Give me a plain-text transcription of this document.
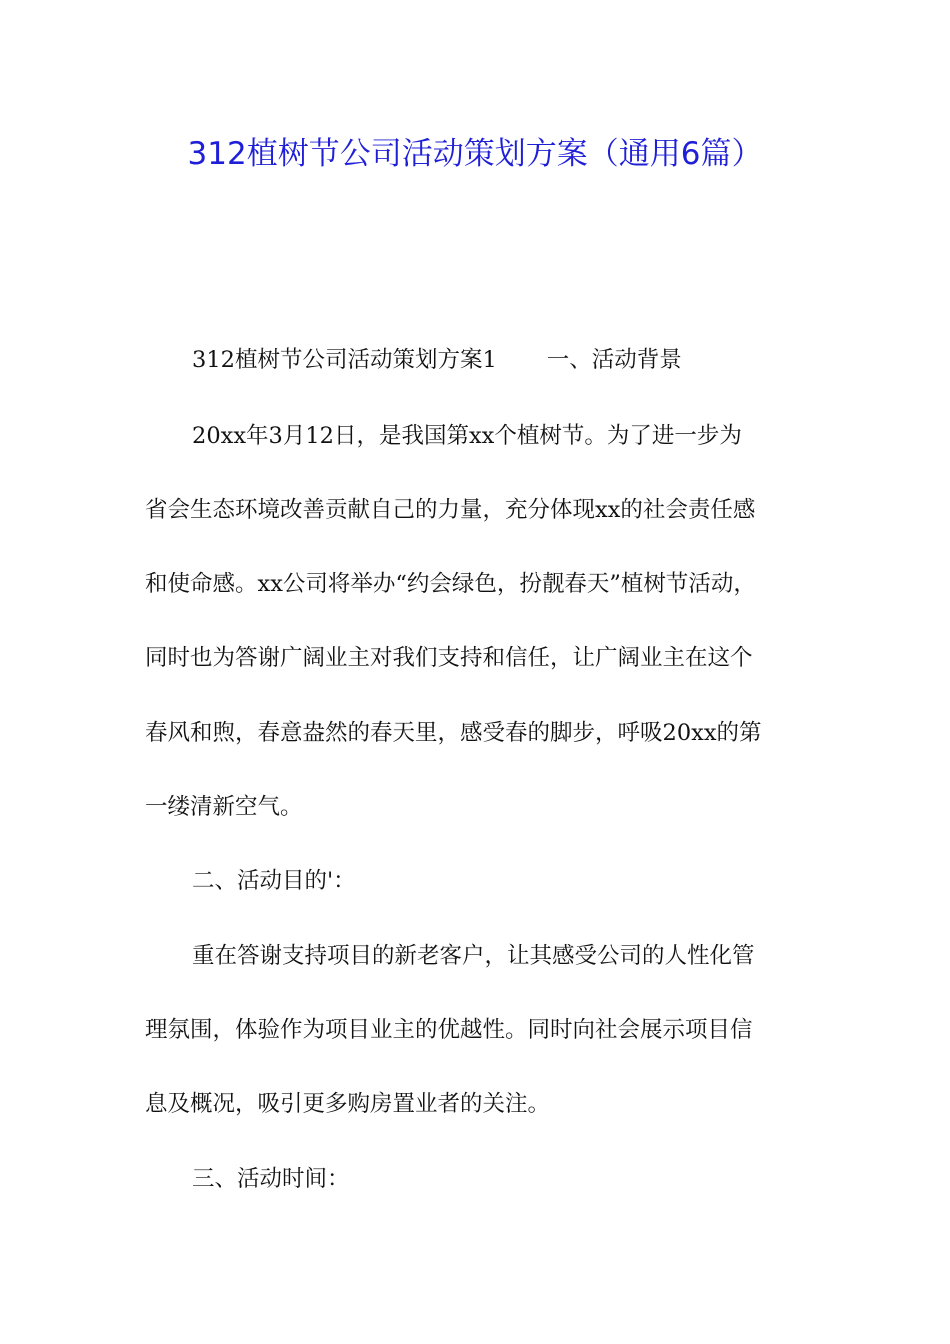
312植树节公司活动策划方案（通用6篇）
312植树节公司活动策划方案1 一、活动背景
20xx年3月12日，是我国第xx个植树节。为了进一步为
省会生态环境改善贡献自己的力量，充分体现xx的社会责任感
和使命感。xx公司将举办“约会绿色，扮靓春天”植树节活动，
同时也为答谢广阔业主对我们支持和信任，让广阔业主在这个
春风和煦，春意盎然的春天里，感受春的脚步，呼吸20xx的第
一缕清新空气。
二、活动目的'：
重在答谢支持项目的新老客户，让其感受公司的人性化管
理氛围，体验作为项目业主的优越性。同时向社会展示项目信
息及概况，吸引更多购房置业者的关注。
三、活动时间：
